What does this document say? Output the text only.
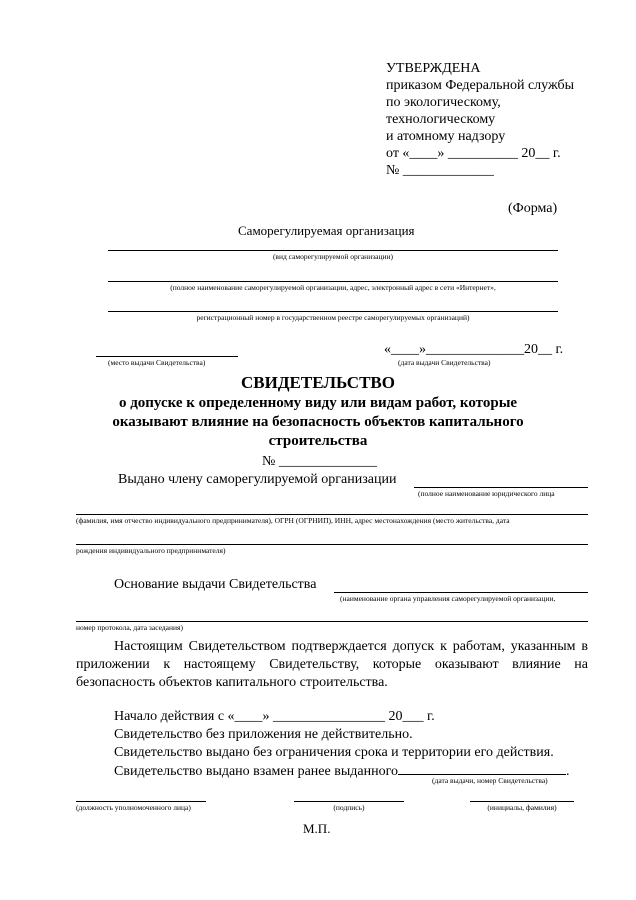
УТВЕРЖДЕНА
приказом Федеральной службы
по экологическому,
технологическому
и атомному надзору
от «____» __________ 20__ г.
№ _____________
(Форма)
Саморегулируемая организация
(вид саморегулируемой организации)
(полное наименование саморегулируемой организации, адрес, электронный адрес в сети «Интернет»,
регистрационный номер в государственном реестре саморегулируемых организаций)
(место выдачи Свидетельства)
«____»______________20__ г.
(дата выдачи Свидетельства)
СВИДЕТЕЛЬСТВО
о допуске к определенному виду или видам работ, которые
оказывают влияние на безопасность объектов капитального
строительства
№ ______________
Выдано члену саморегулируемой организации
(полное наименование юридического лица
(фамилия, имя отчество индивидуального предпринимателя), ОГРН (ОГРНИП), ИНН, адрес местонахождения (место жительства, дата
рождения индивидуального предпринимателя)
Основание выдачи Свидетельства
(наименование органа управления саморегулируемой организации,
номер протокола, дата заседания)
Настоящим Свидетельством подтверждается допуск к работам, указанным в приложении к настоящему Свидетельству, которые оказывают влияние на безопасность объектов капитального строительства.
Начало действия с «____» ________________ 20___ г.
Свидетельство без приложения не действительно.
Свидетельство выдано без ограничения срока и территории его действия.
Свидетельство выдано взамен ранее выданного	.
(дата выдачи, номер Свидетельства)
(должность уполномоченного лица)	(подпись)	(инициалы, фамилия)
М.П.
